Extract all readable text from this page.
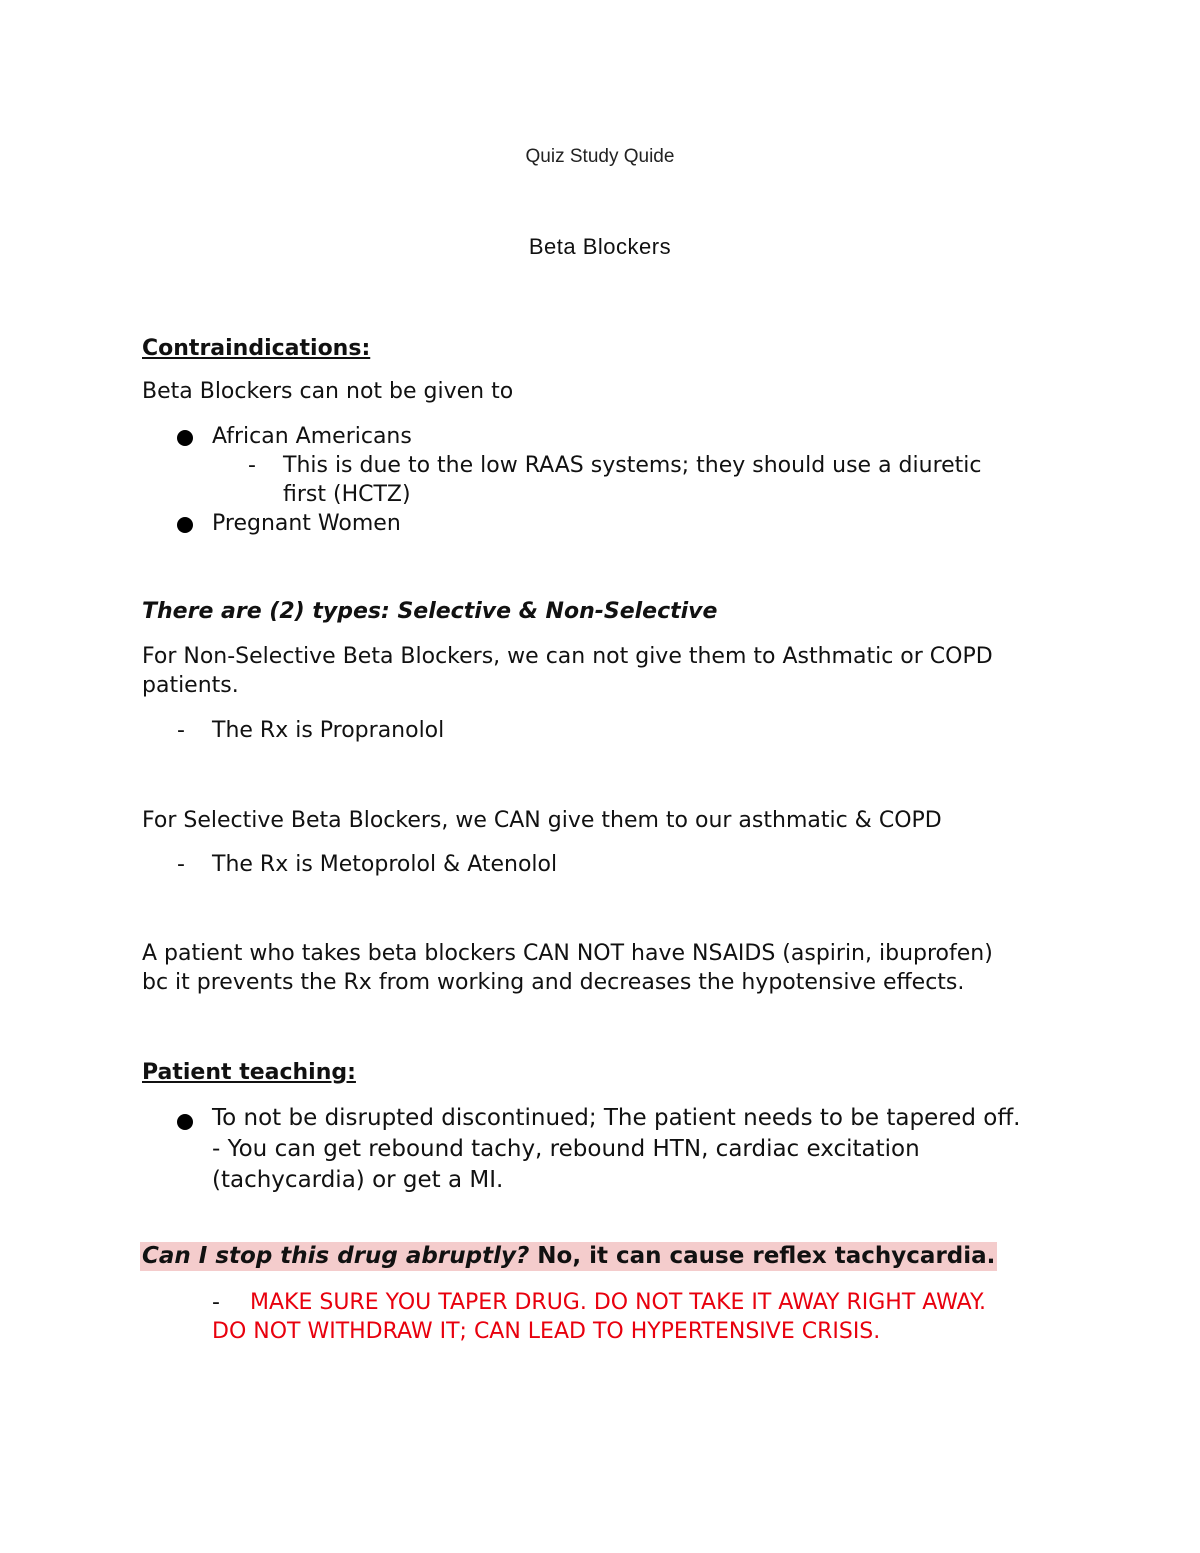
Quiz Study Quide
Beta Blockers
Contraindications:
Beta Blockers can not be given to
African Americans
- This is due to the low RAAS systems; they should use a diuretic
first (HCTZ)
Pregnant Women
There are (2) types: Selective & Non-Selective
For Non-Selective Beta Blockers, we can not give them to Asthmatic or COPD
patients.
- The Rx is Propranolol
For Selective Beta Blockers, we CAN give them to our asthmatic & COPD
- The Rx is Metoprolol & Atenolol
A patient who takes beta blockers CAN NOT have NSAIDS (aspirin, ibuprofen)
bc it prevents the Rx from working and decreases the hypotensive effects.
Patient teaching:
To not be disrupted discontinued; The patient needs to be tapered off.
- You can get rebound tachy, rebound HTN, cardiac excitation
(tachycardia) or get a MI.
Can I stop this drug abruptly? No, it can cause reflex tachycardia.
- MAKE SURE YOU TAPER DRUG. DO NOT TAKE IT AWAY RIGHT AWAY.
DO NOT WITHDRAW IT; CAN LEAD TO HYPERTENSIVE CRISIS.
